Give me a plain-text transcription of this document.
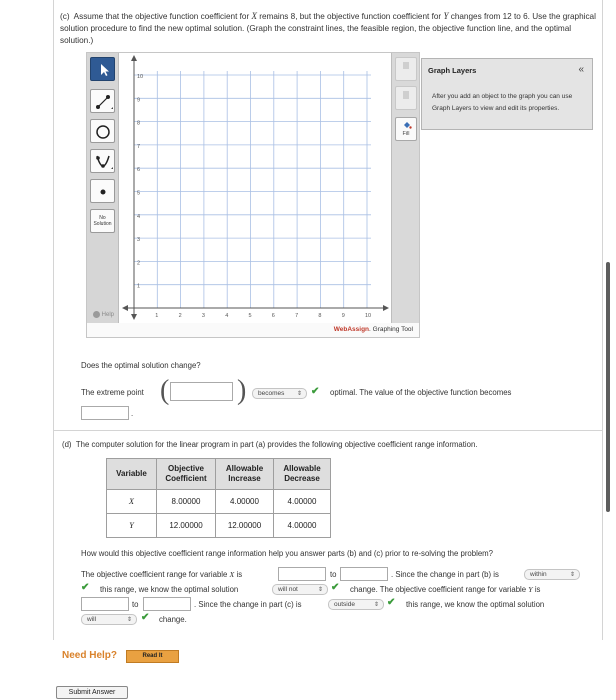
(c) Assume that the objective function coefficient for X remains 8, but the objective function coefficient for Y changes from 12 to 6. Use the graphical solution procedure to find the new optimal solution. (Graph the constraint lines, the feasible region, the objective function line, and the optimal solution.)
No Solution
Help
10
9
8
7
6
5
4
3
2
1
1	2	3	4	5	6	7	8	9	10
Fill
WebAssign. Graphing Tool
Graph Layers	«
After you add an object to the graph you can use Graph Layers to view and edit its properties.
Does the optimal solution change?
The extreme point ( )	becomes ⇕ ✔ optimal. The value of the objective function becomes
.
(d) The computer solution for the linear program in part (a) provides the following objective coefficient range information.
Variable	Objective Coefficient	Allowable Increase	Allowable Decrease
X	8.00000	4.00000	4.00000
Y	12.00000	12.00000	4.00000
How would this objective coefficient range information help you answer parts (b) and (c) prior to re-solving the problem?
The objective coefficient range for variable X is	to	. Since the change in part (b) is	within	⇕
✔ this range, we know the optimal solution	will not	⇕ ✔ change. The objective coefficient range for variable Y is
to	. Since the change in part (c) is	outside	⇕ ✔ this range, we know the optimal solution
will	⇕ ✔ change.
Need Help?	Read It
Submit Answer
